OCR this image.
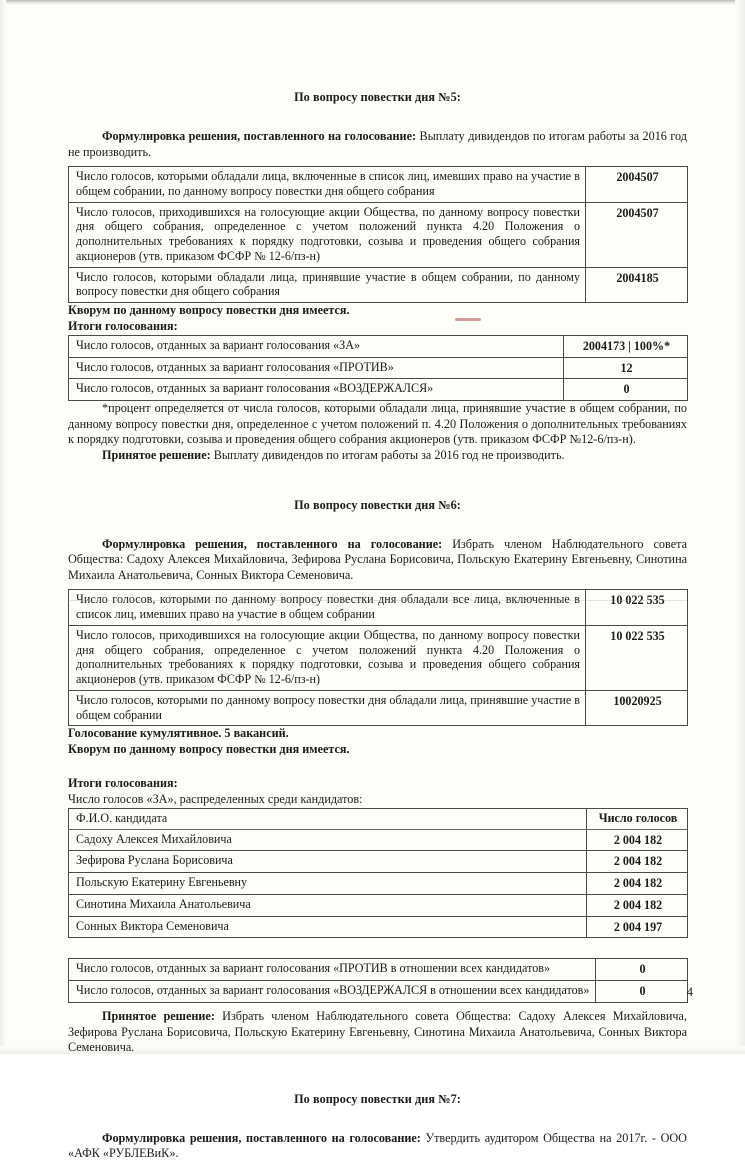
По вопросу повестки дня №5:

Формулировка решения, поставленного на голосование: Выплату дивидендов по итогам работы за 2016 год не производить.

Число голосов, которыми обладали лица, включенные в список лиц, имевших право на участие в общем собрании, по данному вопросу повестки дня общего собрания	2004507
Число голосов, приходившихся на голосующие акции Общества, по данному вопросу повестки дня общего собрания, определенное с учетом положений пункта 4.20 Положения о дополнительных требованиях к порядку подготовки, созыва и проведения общего собрания акционеров (утв. приказом ФСФР № 12-6/пз-н)	2004507
Число голосов, которыми обладали лица, принявшие участие в общем собрании, по данному вопросу повестки дня общего собрания	2004185

Кворум по данному вопросу повестки дня имеется.

Итоги голосования:

Число голосов, отданных за вариант голосования «ЗА»	2004173 | 100%*
Число голосов, отданных за вариант голосования «ПРОТИВ»	12
Число голосов, отданных за вариант голосования «ВОЗДЕРЖАЛСЯ»	0

*процент определяется от числа голосов, которыми обладали лица, принявшие участие в общем собрании, по данному вопросу повестки дня, определенное с учетом положений п. 4.20 Положения о дополнительных требованиях к порядку подготовки, созыва и проведения общего собрания акционеров (утв. приказом ФСФР №12-6/пз-н).

Принятое решение: Выплату дивидендов по итогам работы за 2016 год не производить.

По вопросу повестки дня №6:

Формулировка решения, поставленного на голосование: Избрать членом Наблюдательного совета Общества: Садоху Алексея Михайловича, Зефирова Руслана Борисовича, Польскую Екатерину Евгеньевну, Синотина Михаила Анатольевича, Сонных Виктора Семеновича.

Число голосов, которыми по данному вопросу повестки дня обладали все лица, включенные в список лиц, имевших право на участие в общем собрании	10 022 535
Число голосов, приходившихся на голосующие акции Общества, по данному вопросу повестки дня общего собрания, определенное с учетом положений пункта 4.20 Положения о дополнительных требованиях к порядку подготовки, созыва и проведения общего собрания акционеров (утв. приказом ФСФР № 12-6/пз-н)	10 022 535
Число голосов, которыми по данному вопросу повестки дня обладали лица, принявшие участие в общем собрании	10020925

Голосование кумулятивное. 5 вакансий.

Кворум по данному вопросу повестки дня имеется.

Итоги голосования:

Число голосов «ЗА», распределенных среди кандидатов:

Ф.И.О. кандидата	Число голосов
Садоху Алексея Михайловича	2 004 182
Зефирова Руслана Борисовича	2 004 182
Польскую Екатерину Евгеньевну	2 004 182
Синотина Михаила Анатольевича	2 004 182
Сонных Виктора Семеновича	2 004 197
Число голосов, отданных за вариант голосования «ПРОТИВ в отношении всех кандидатов»	0
Число голосов, отданных за вариант голосования «ВОЗДЕРЖАЛСЯ в отношении всех кандидатов»	0

Принятое решение: Избрать членом Наблюдательного совета Общества: Садоху Алексея Михайловича, Зефирова Руслана Борисовича, Польскую Екатерину Евгеньевну, Синотина Михаила Анатольевича, Сонных Виктора Семеновича.

По вопросу повестки дня №7:

Формулировка решения, поставленного на голосование: Утвердить аудитором Общества на 2017г. - ООО «АФК «РУБЛЕВиК».

4
